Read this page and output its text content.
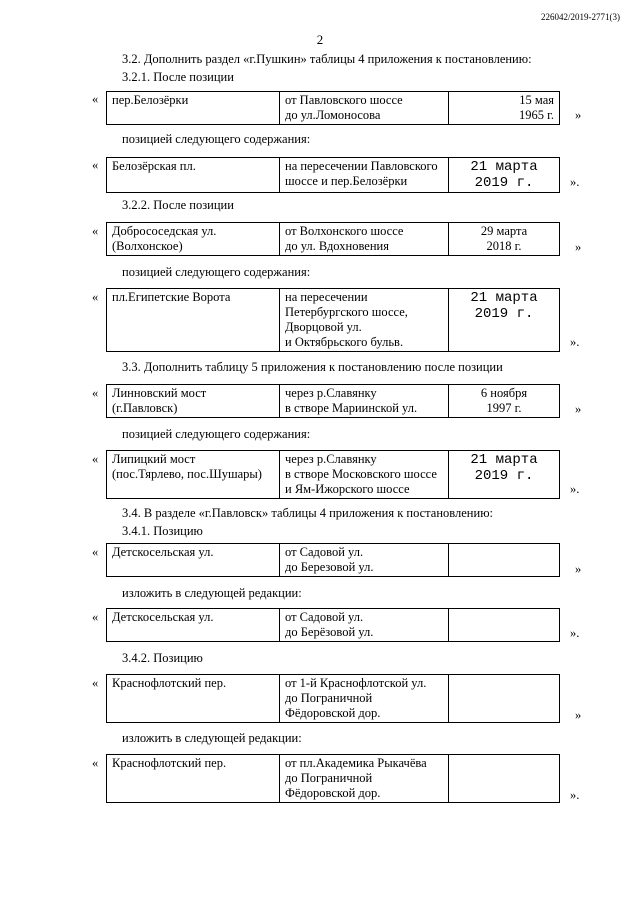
226042/2019-2771(3)
2
3.2. Дополнить раздел «г.Пушкин» таблицы 4 приложения к постановлению:
3.2.1. После позиции
« пер.Белозёрки	от Павловского шоссе
до ул.Ломоносова	15 мая
1965 г. »
позицией следующего содержания:
« Белозёрская пл.	на пересечении Павловского
шоссе и пер.Белозёрки	21 марта
2019 г.	».
3.2.2. После позиции
« Добрососедская ул.
(Волхонское)	от Волхонского шоссе
до ул. Вдохновения	29 марта
2018 г.	»
позицией следующего содержания:
« пл.Египетские Ворота	на пересечении
Петербургского шоссе,
Дворцовой ул.
и Октябрьского бульв.	21 марта
2019 г.
».
3.3. Дополнить таблицу 5 приложения к постановлению после позиции
« Линновский мост
(г.Павловск)	через р.Славянку
в створе Мариинской ул.	6 ноября
1997 г.	»
позицией следующего содержания:
« Липицкий мост
(пос.Тярлево, пос.Шушары)	через р.Славянку
в створе Московского шоссе
и Ям-Ижорского шоссе	21 марта
2019 г.
».
3.4. В разделе «г.Павловск» таблицы 4 приложения к постановлению:
3.4.1. Позицию
« Детскосельская ул.	от Садовой ул.
до Березовой ул.		»
изложить в следующей редакции:
« Детскосельская ул.	от Садовой ул.
до Берёзовой ул.		».
3.4.2. Позицию
« Краснофлотский пер.	от 1-й Краснофлотской ул.
до Пограничной
Фёдоровской дор.		»
изложить в следующей редакции:
« Краснофлотский пер.	от пл.Академика Рыкачёва
до Пограничной
Фёдоровской дор.		».
